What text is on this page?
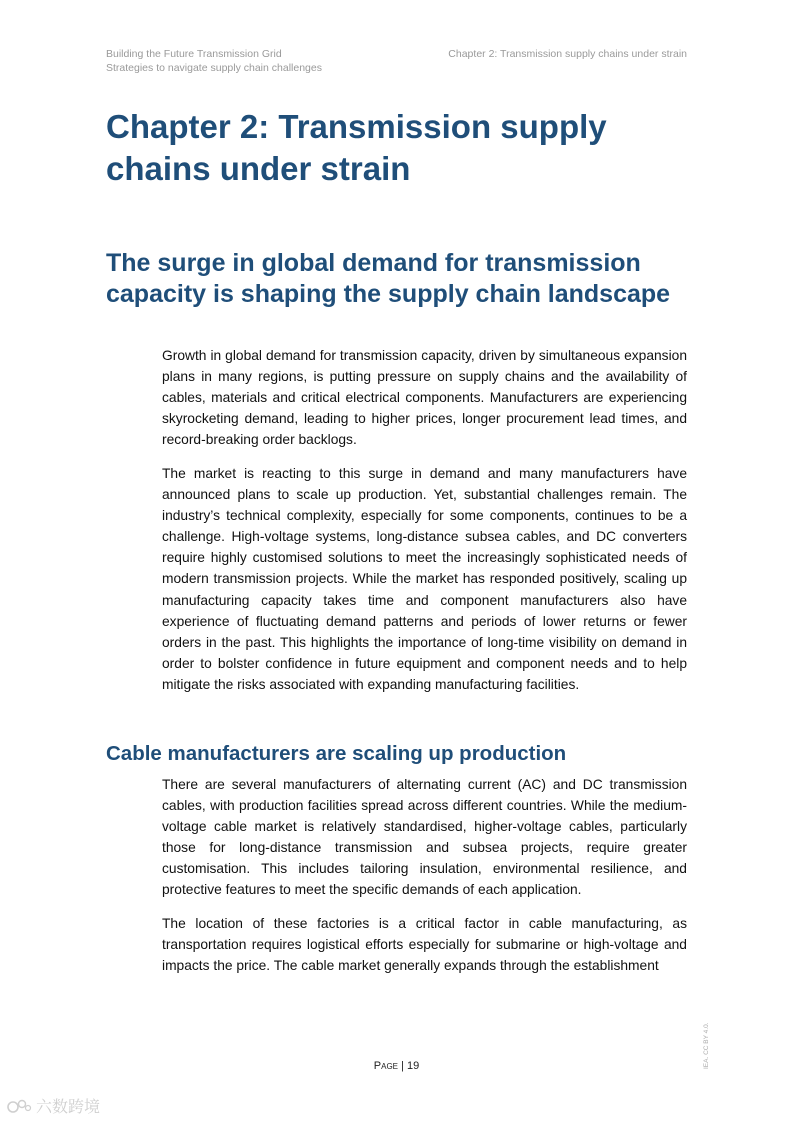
Building the Future Transmission Grid
Strategies to navigate supply chain challenges
Chapter 2: Transmission supply chains under strain
Chapter 2: Transmission supply chains under strain
The surge in global demand for transmission capacity is shaping the supply chain landscape

Growth in global demand for transmission capacity, driven by simultaneous expansion plans in many regions, is putting pressure on supply chains and the availability of cables, materials and critical electrical components. Manufacturers are experiencing skyrocketing demand, leading to higher prices, longer procurement lead times, and record-breaking order backlogs.

The market is reacting to this surge in demand and many manufacturers have announced plans to scale up production. Yet, substantial challenges remain. The industry’s technical complexity, especially for some components, continues to be a challenge. High-voltage systems, long-distance subsea cables, and DC converters require highly customised solutions to meet the increasingly sophisticated needs of modern transmission projects. While the market has responded positively, scaling up manufacturing capacity takes time and component manufacturers also have experience of fluctuating demand patterns and periods of lower returns or fewer orders in the past. This highlights the importance of long-time visibility on demand in order to bolster confidence in future equipment and component needs and to help mitigate the risks associated with expanding manufacturing facilities.

Cable manufacturers are scaling up production

There are several manufacturers of alternating current (AC) and DC transmission cables, with production facilities spread across different countries. While the medium-voltage cable market is relatively standardised, higher-voltage cables, particularly those for long-distance transmission and subsea projects, require greater customisation. This includes tailoring insulation, environmental resilience, and protective features to meet the specific demands of each application.

The location of these factories is a critical factor in cable manufacturing, as transportation requires logistical efforts especially for submarine or high-voltage and impacts the price. The cable market generally expands through the establishment

Page | 19	IEA. CC BY 4.0.
六数跨境
